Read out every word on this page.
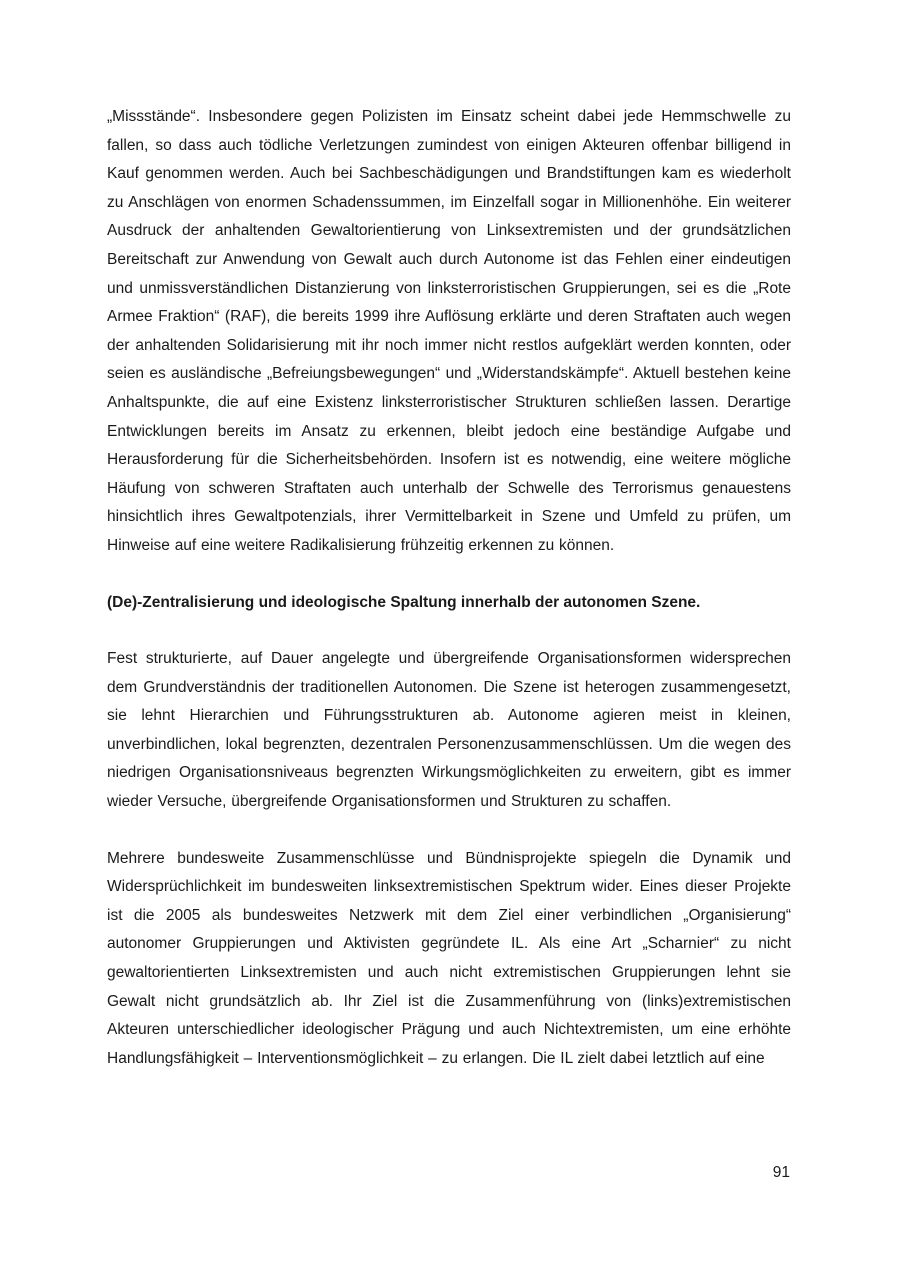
„Missstände“. Insbesondere gegen Polizisten im Einsatz scheint dabei jede Hemmschwelle zu fallen, so dass auch tödliche Verletzungen zumindest von einigen Akteuren offenbar billigend in Kauf genommen werden. Auch bei Sachbeschädigungen und Brandstiftungen kam es wiederholt zu Anschlägen von enormen Schadenssummen, im Einzelfall sogar in Millionenhöhe. Ein weiterer Ausdruck der anhaltenden Gewaltorientierung von Linksextremisten und der grundsätzlichen Bereitschaft zur Anwendung von Gewalt auch durch Autonome ist das Fehlen einer eindeutigen und unmissverständlichen Distanzierung von linksterroristischen Gruppierungen, sei es die „Rote Armee Fraktion“ (RAF), die bereits 1999 ihre Auflösung erklärte und deren Straftaten auch wegen der anhaltenden Solidarisierung mit ihr noch immer nicht restlos aufgeklärt werden konnten, oder seien es ausländische „Befreiungsbewegungen“ und „Widerstandskämpfe“. Aktuell bestehen keine Anhaltspunkte, die auf eine Existenz linksterroristischer Strukturen schließen lassen. Derartige Entwicklungen bereits im Ansatz zu erkennen, bleibt jedoch eine beständige Aufgabe und Herausforderung für die Sicherheitsbehörden. Insofern ist es notwendig, eine weitere mögliche Häufung von schweren Straftaten auch unterhalb der Schwelle des Terrorismus genauestens hinsichtlich ihres Gewaltpotenzials, ihrer Vermittelbarkeit in Szene und Umfeld zu prüfen, um Hinweise auf eine weitere Radikalisierung frühzeitig erkennen zu können.

(De)-Zentralisierung und ideologische Spaltung innerhalb der autonomen Szene.

Fest strukturierte, auf Dauer angelegte und übergreifende Organisationsformen widersprechen dem Grundverständnis der traditionellen Autonomen. Die Szene ist heterogen zusammengesetzt, sie lehnt Hierarchien und Führungsstrukturen ab. Autonome agieren meist in kleinen, unverbindlichen, lokal begrenzten, dezentralen Personenzusammenschlüssen. Um die wegen des niedrigen Organisationsniveaus begrenzten Wirkungsmöglichkeiten zu erweitern, gibt es immer wieder Versuche, übergreifende Organisationsformen und Strukturen zu schaffen.

Mehrere bundesweite Zusammenschlüsse und Bündnisprojekte spiegeln die Dynamik und Widersprüchlichkeit im bundesweiten linksextremistischen Spektrum wider. Eines dieser Projekte ist die 2005 als bundesweites Netzwerk mit dem Ziel einer verbindlichen „Organisierung“ autonomer Gruppierungen und Aktivisten gegründete IL. Als eine Art „Scharnier“ zu nicht gewaltorientierten Linksextremisten und auch nicht extremistischen Gruppierungen lehnt sie Gewalt nicht grundsätzlich ab. Ihr Ziel ist die Zusammenführung von (links)extremistischen Akteuren unterschiedlicher ideologischer Prägung und auch Nichtextremisten, um eine erhöhte Handlungsfähigkeit – Interventionsmöglichkeit – zu erlangen. Die IL zielt dabei letztlich auf eine

91
